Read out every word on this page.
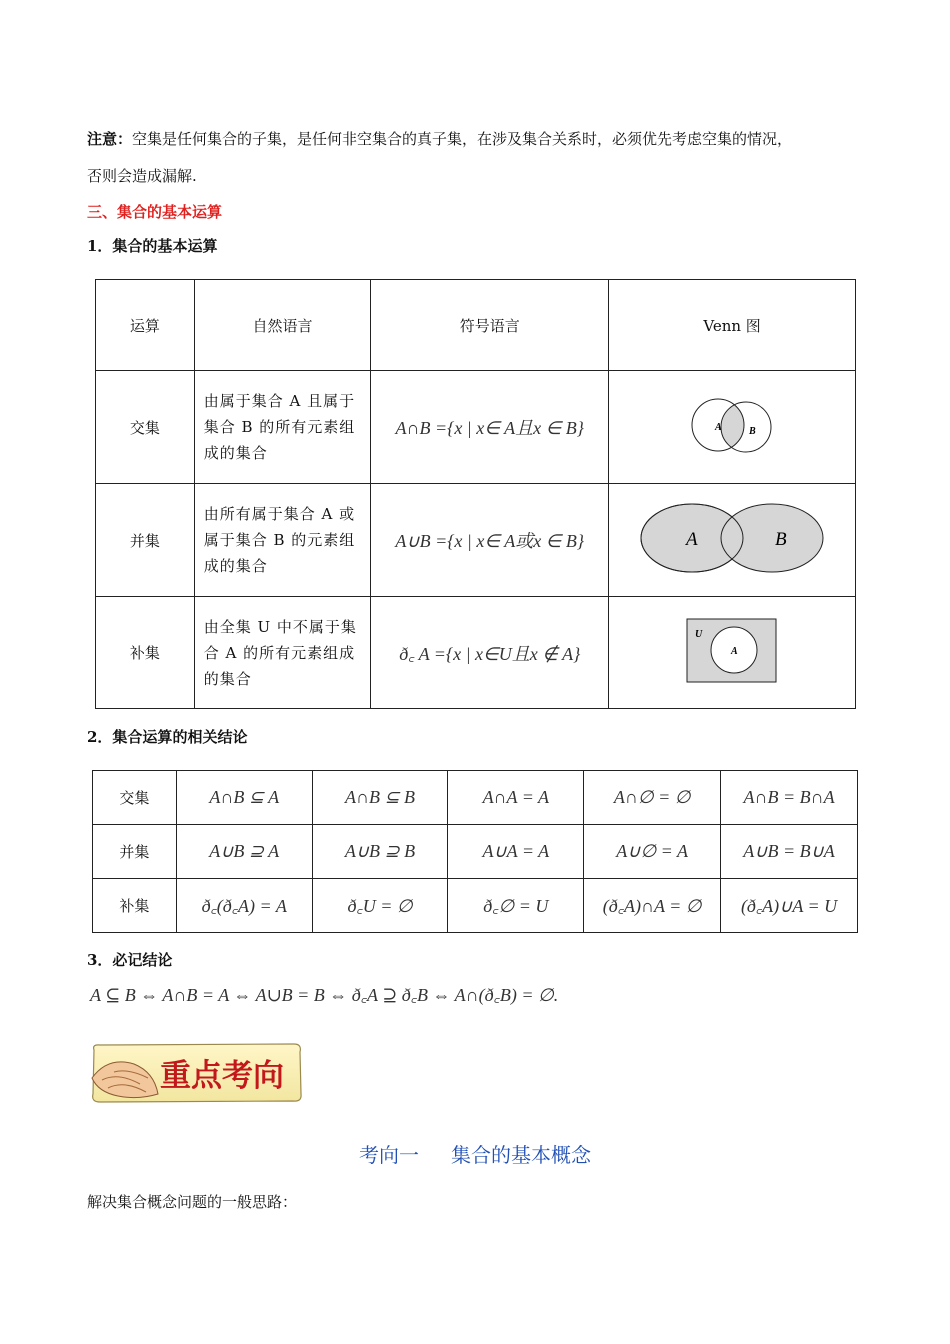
注意：空集是任何集合的子集，是任何非空集合的真子集，在涉及集合关系时，必须优先考虑空集的情况，
否则会造成漏解.
三、集合的基本运算
1．集合的基本运算
运算	自然语言	符号语言	Venn 图
交集	由属于集合 A 且属于集合 B 的所有元素组成的集合	A∩B ={x | x∈ A且x ∈ B}	A B

并集	由所有属于集合 A 或属于集合 B 的元素组成的集合	A∪B ={x | x∈ A或x ∈ B}	A B

补集	由全集 U 中不属于集合 A 的所有元素组成的集合	ð꜀ A ={x | x∈U且x ∉ A}	U
A
2．集合运算的相关结论
交集	A∩B ⊆ A	A∩B ⊆ B	A∩A = A	A∩∅ = ∅	A∩B = B∩A
并集	A∪B ⊇ A	A∪B ⊇ B	A∪A = A	A∪∅ = A	A∪B = B∪A
补集	ð꜀(ð꜀A) = A	ð꜀U = ∅	ð꜀∅ = U	(ð꜀A)∩A = ∅	(ð꜀A)∪A = U
3．必记结论
A ⊆ B ⇔ A∩B = A ⇔ A∪B = B ⇔ ð꜀A ⊇ ð꜀B ⇔ A∩(ð꜀B) = ∅.
重点考向
考向一 集合的基本概念
解决集合概念问题的一般思路：
